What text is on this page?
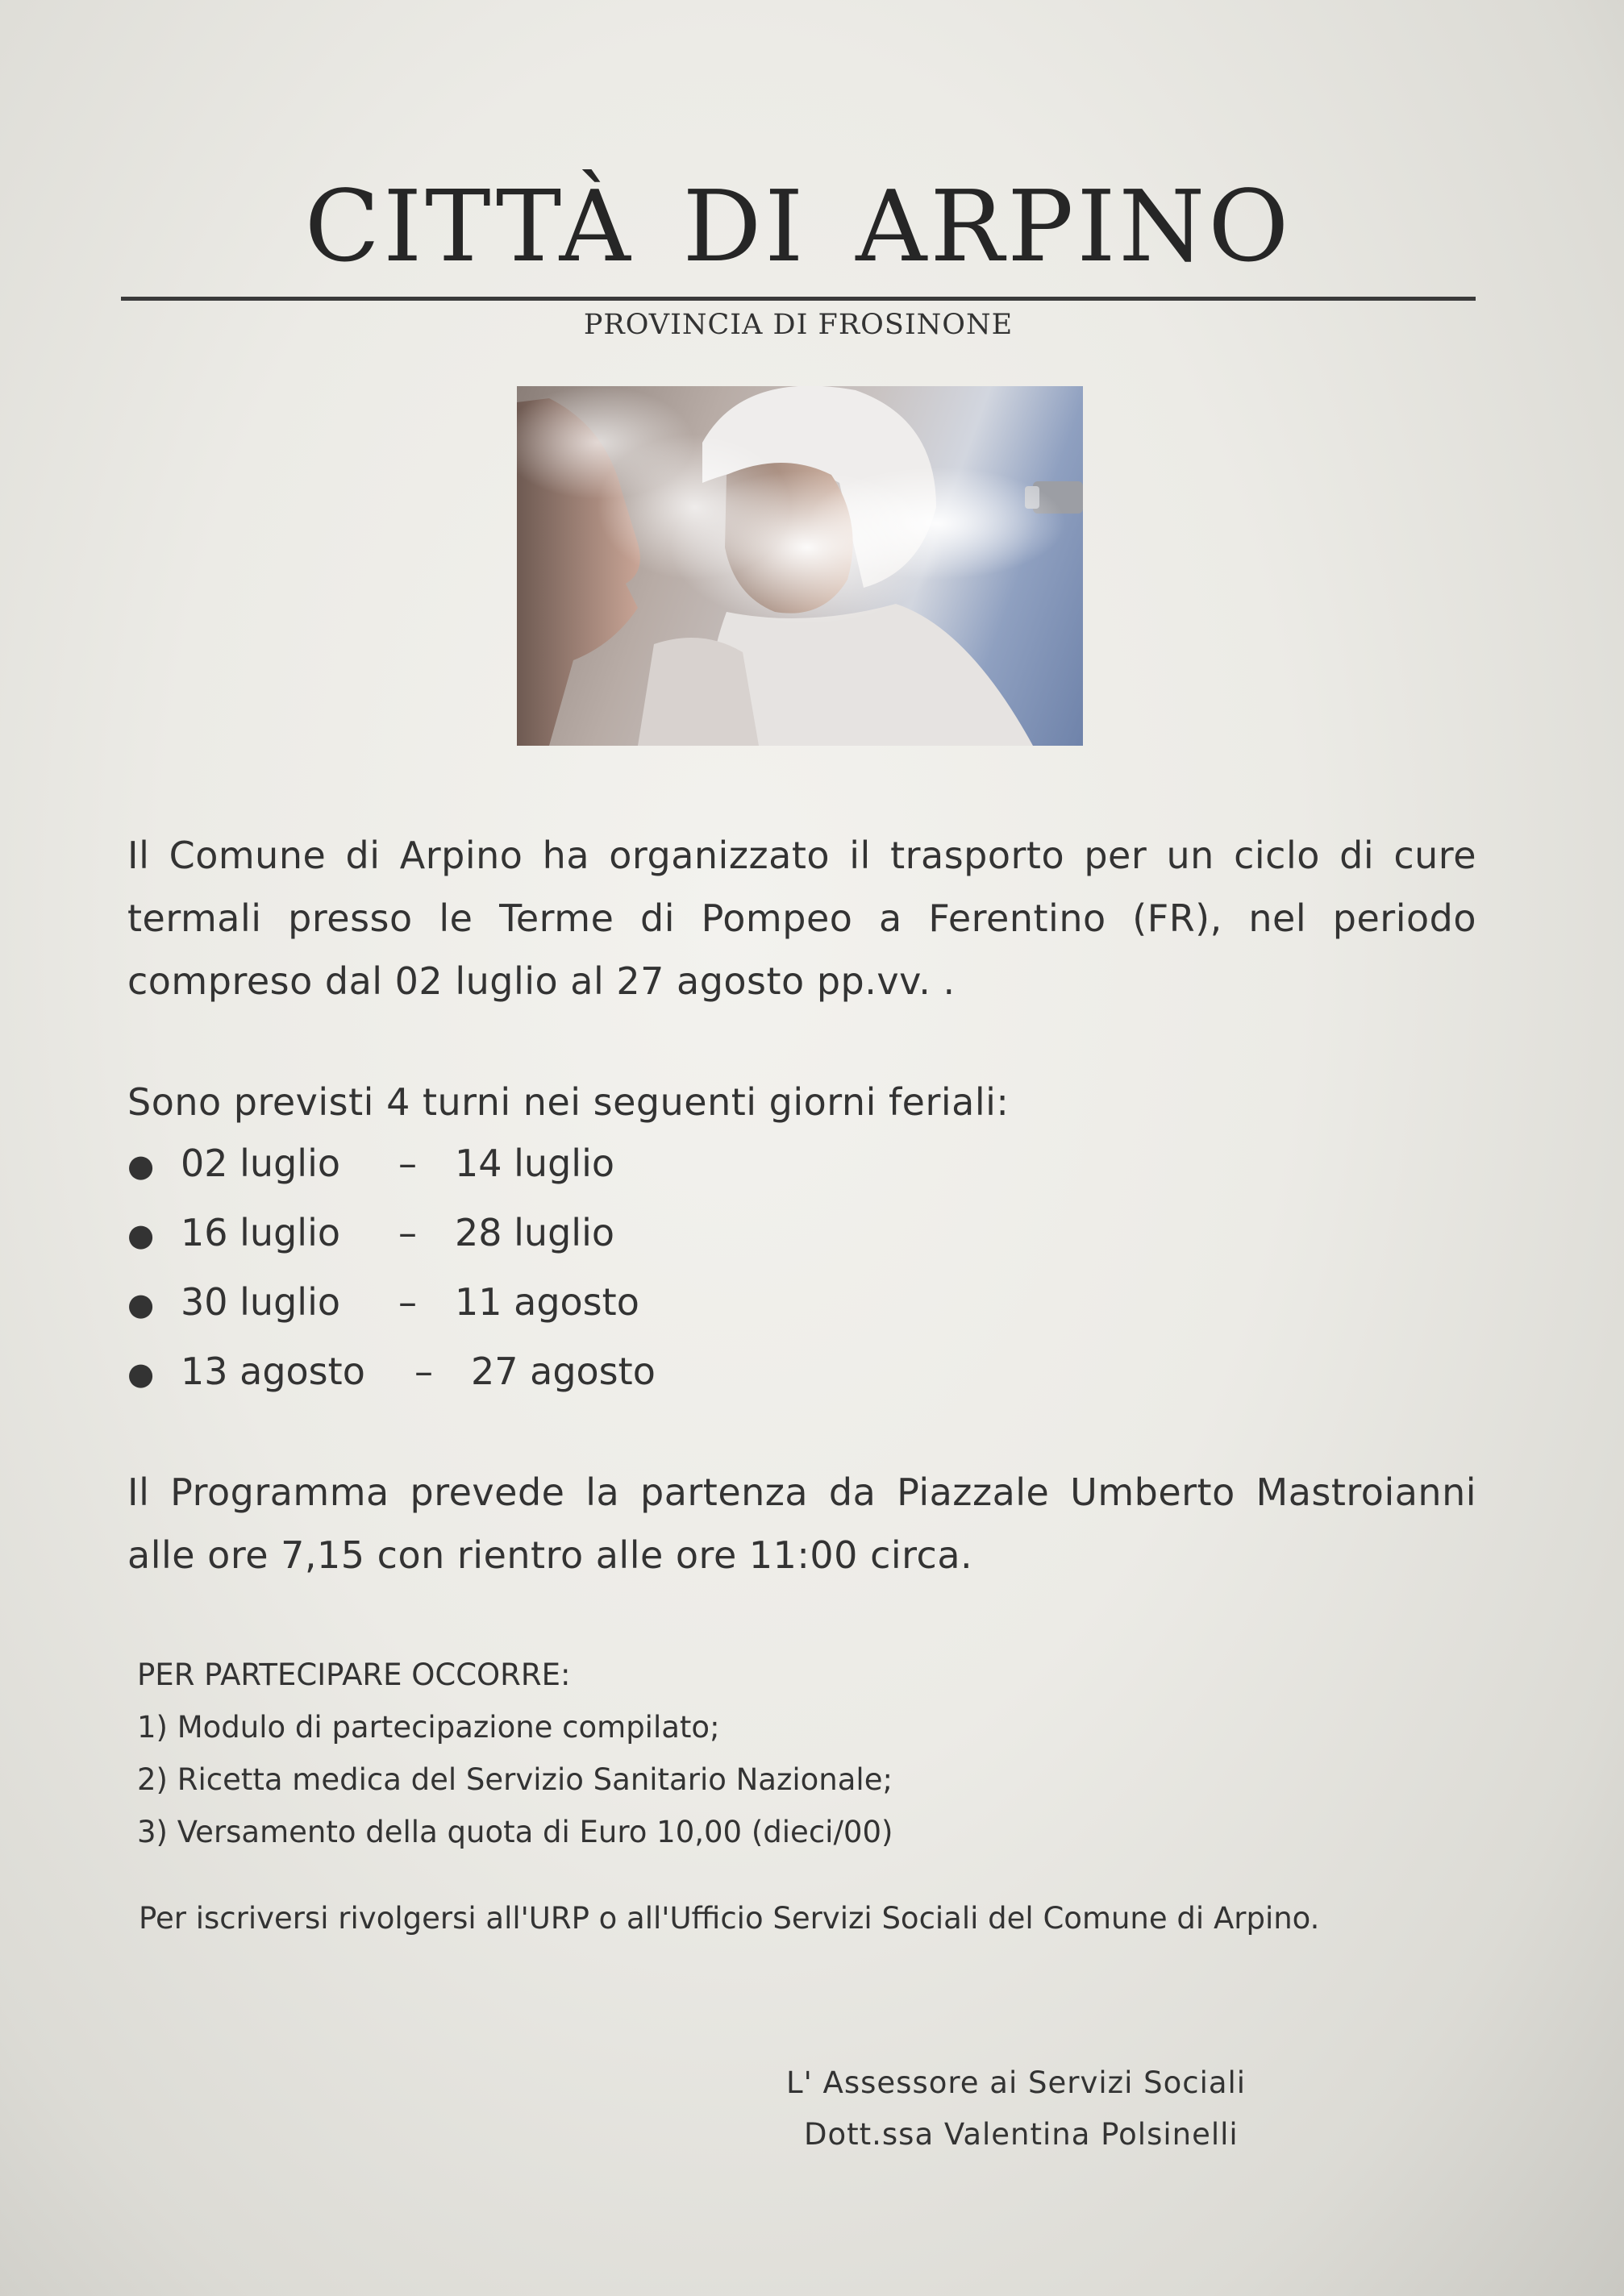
CITTÀ DI ARPINO
PROVINCIA DI FROSINONE
Il Comune di Arpino ha organizzato il trasporto per un ciclo di cure termali presso le Terme di Pompeo a Ferentino (FR), nel periodo compreso dal 02 luglio al 27 agosto pp.vv. .
Sono previsti 4 turni nei seguenti giorni feriali:
● 02 luglio – 14 luglio
● 16 luglio – 28 luglio
● 30 luglio – 11 agosto
● 13 agosto – 27 agosto
Il Programma prevede la partenza da Piazzale Umberto Mastroianni alle ore 7,15 con rientro alle ore 11:00 circa.
PER PARTECIPARE OCCORRE:
1) Modulo di partecipazione compilato;
2) Ricetta medica del Servizio Sanitario Nazionale;
3) Versamento della quota di Euro 10,00 (dieci/00)
Per iscriversi rivolgersi all'URP o all'Ufficio Servizi Sociali del Comune di Arpino.
L' Assessore ai Servizi Sociali
Dott.ssa Valentina Polsinelli
